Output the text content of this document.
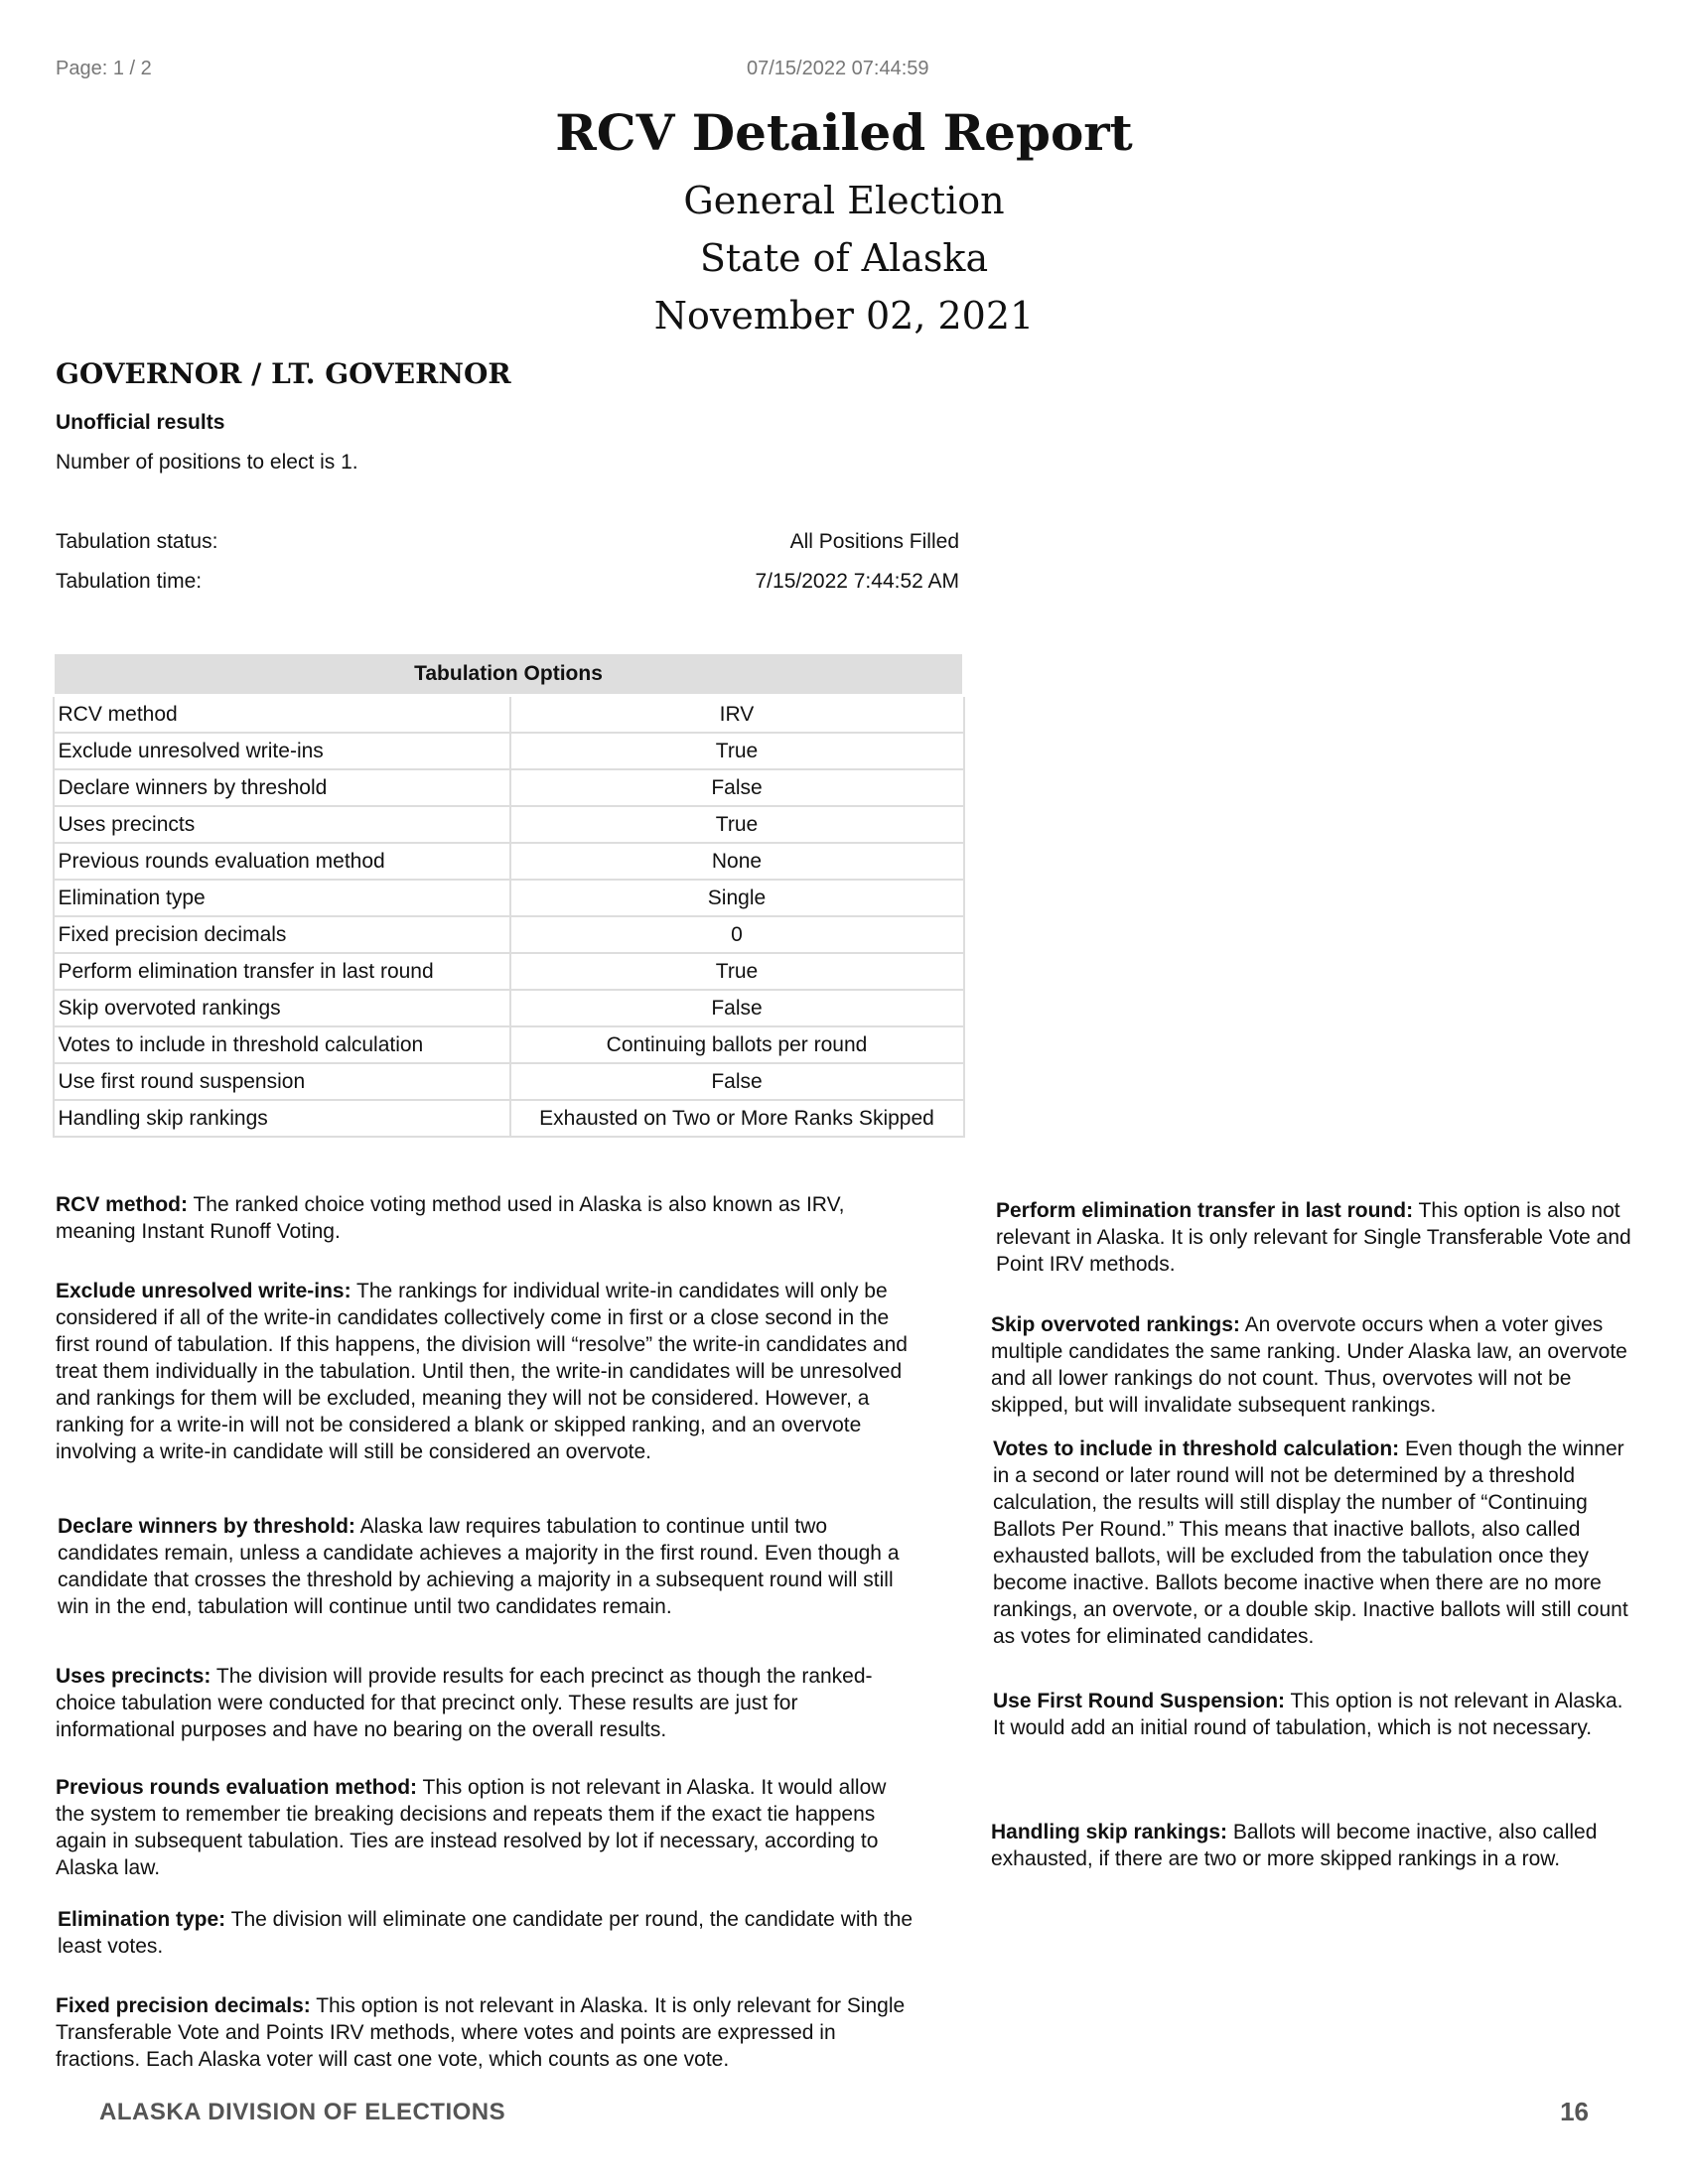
Page: 1 / 2	07/15/2022 07:44:59
RCV Detailed Report
General Election
State of Alaska
November 02, 2021
GOVERNOR / LT. GOVERNOR
Unofficial results
Number of positions to elect is 1.
Tabulation status:	All Positions Filled
Tabulation time:	7/15/2022 7:44:52 AM
Tabulation Options	
RCV method	IRV
Exclude unresolved write-ins	True
Declare winners by threshold	False
Uses precincts	True
Previous rounds evaluation method	None
Elimination type	Single
Fixed precision decimals	0
Perform elimination transfer in last round	True
Skip overvoted rankings	False
Votes to include in threshold calculation	Continuing ballots per round
Use first round suspension	False
Handling skip rankings	Exhausted on Two or More Ranks Skipped
RCV method: The ranked choice voting method used in Alaska is also known as IRV, meaning Instant Runoff Voting.
Exclude unresolved write-ins: The rankings for individual write-in candidates will only be considered if all of the write-in candidates collectively come in first or a close second in the first round of tabulation. If this happens, the division will “resolve” the write-in candidates and treat them individually in the tabulation. Until then, the write-in candidates will be unresolved and rankings for them will be excluded, meaning they will not be considered. However, a ranking for a write-in will not be considered a blank or skipped ranking, and an overvote involving a write-in candidate will still be considered an overvote.
Declare winners by threshold: Alaska law requires tabulation to continue until two candidates remain, unless a candidate achieves a majority in the first round. Even though a candidate that crosses the threshold by achieving a majority in a subsequent round will still win in the end, tabulation will continue until two candidates remain.
Uses precincts: The division will provide results for each precinct as though the ranked-choice tabulation were conducted for that precinct only. These results are just for informational purposes and have no bearing on the overall results.
Previous rounds evaluation method: This option is not relevant in Alaska. It would allow the system to remember tie breaking decisions and repeats them if the exact tie happens again in subsequent tabulation. Ties are instead resolved by lot if necessary, according to Alaska law.
Elimination type: The division will eliminate one candidate per round, the candidate with the least votes.
Fixed precision decimals: This option is not relevant in Alaska. It is only relevant for Single Transferable Vote and Points IRV methods, where votes and points are expressed in fractions. Each Alaska voter will cast one vote, which counts as one vote.
Perform elimination transfer in last round: This option is also not relevant in Alaska. It is only relevant for Single Transferable Vote and Point IRV methods.
Skip overvoted rankings: An overvote occurs when a voter gives multiple candidates the same ranking. Under Alaska law, an overvote and all lower rankings do not count. Thus, overvotes will not be skipped, but will invalidate subsequent rankings.
Votes to include in threshold calculation: Even though the winner in a second or later round will not be determined by a threshold calculation, the results will still display the number of “Continuing Ballots Per Round.” This means that inactive ballots, also called exhausted ballots, will be excluded from the tabulation once they become inactive. Ballots become inactive when there are no more rankings, an overvote, or a double skip. Inactive ballots will still count as votes for eliminated candidates.
Use First Round Suspension: This option is not relevant in Alaska. It would add an initial round of tabulation, which is not necessary.
Handling skip rankings: Ballots will become inactive, also called exhausted, if there are two or more skipped rankings in a row.
ALASKA DIVISION OF ELECTIONS	16
